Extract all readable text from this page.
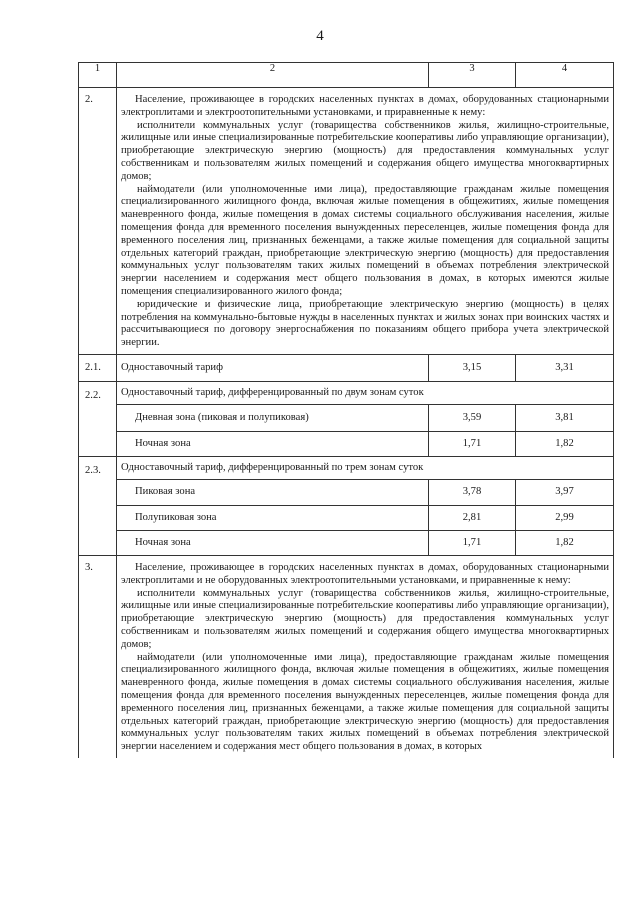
4
1	2	3	4
2.	Население, проживающее в городских населенных пунктах в домах, оборудованных стационарными электроплитами и электроотопительными установками, и приравненные к нему:

исполнители коммунальных услуг (товарищества собственников жилья, жилищно-строительные, жилищные или иные специализированные потребительские кооперативы либо управляющие организации), приобретающие электрическую энергию (мощность) для предоставления коммунальных услуг собственникам и пользователям жилых помещений и содержания общего имущества многоквартирных домов;

наймодатели (или уполномоченные ими лица), предоставляющие гражданам жилые помещения специализированного жилищного фонда, включая жилые помещения в общежитиях, жилые помещения маневренного фонда, жилые помещения в домах системы социального обслуживания населения, жилые помещения фонда для временного поселения вынужденных переселенцев, жилые помещения фонда для временного поселения лиц, признанных беженцами, а также жилые помещения для социальной защиты отдельных категорий граждан, приобретающие электрическую энергию (мощность) для предоставления коммунальных услуг пользователям таких жилых помещений в объемах потребления электрической энергии населением и содержания мест общего пользования в домах, в которых имеются жилые помещения специализированного жилого фонда;

юридические и физические лица, приобретающие электрическую энергию (мощность) в целях потребления на коммунально-бытовые нужды в населенных пунктах и жилых зонах при воинских частях и рассчитывающиеся по договору энергоснабжения по показаниям общего прибора учета электрической энергии.		

2.1.	Одноставочный тариф	3,15	3,31
2.2.	Одноставочный тариф, дифференцированный по двум зонам суток		
	Дневная зона (пиковая и полупиковая)	3,59	3,81
	Ночная зона	1,71	1,82
2.3.	Одноставочный тариф, дифференцированный по трем зонам суток		
	Пиковая зона	3,78	3,97
	Полупиковая зона	2,81	2,99
	Ночная зона	1,71	1,82
3.	Население, проживающее в городских населенных пунктах в домах, оборудованных стационарными электроплитами и не оборудованных электроотопительными установками, и приравненные к нему:

исполнители коммунальных услуг (товарищества собственников жилья, жилищно-строительные, жилищные или иные специализированные потребительские кооперативы либо управляющие организации), приобретающие электрическую энергию (мощность) для предоставления коммунальных услуг собственникам и пользователям жилых помещений и содержания общего имущества многоквартирных домов;

наймодатели (или уполномоченные ими лица), предоставляющие гражданам жилые помещения специализированного жилищного фонда, включая жилые помещения в общежитиях, жилые помещения маневренного фонда, жилые помещения в домах системы социального обслуживания населения, жилые помещения фонда для временного поселения вынужденных переселенцев, жилые помещения фонда для временного поселения лиц, признанных беженцами, а также жилые помещения для социальной защиты отдельных категорий граждан, приобретающие электрическую энергию (мощность) для предоставления коммунальных услуг пользователям таких жилых помещений в объемах потребления электрической энергии населением и содержания мест общего пользования в домах, в которых		
